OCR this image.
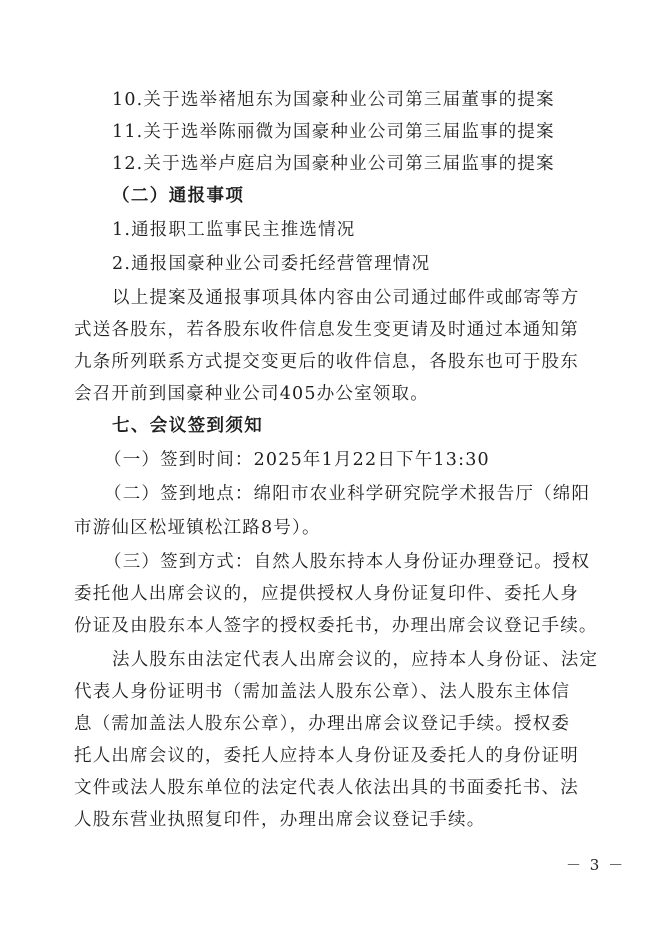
10.关于选举褚旭东为国豪种业公司第三届董事的提案
11.关于选举陈丽微为国豪种业公司第三届监事的提案
12.关于选举卢庭启为国豪种业公司第三届监事的提案
（二）通报事项
1.通报职工监事民主推选情况
2.通报国豪种业公司委托经营管理情况
以上提案及通报事项具体内容由公司通过邮件或邮寄等方
式送各股东，若各股东收件信息发生变更请及时通过本通知第
九条所列联系方式提交变更后的收件信息，各股东也可于股东
会召开前到国豪种业公司405办公室领取。
七、会议签到须知
（一）签到时间：2025年1月22日下午13:30
（二）签到地点：绵阳市农业科学研究院学术报告厅（绵阳
市游仙区松垭镇松江路8号）。
（三）签到方式：自然人股东持本人身份证办理登记。授权
委托他人出席会议的，应提供授权人身份证复印件、委托人身
份证及由股东本人签字的授权委托书，办理出席会议登记手续。
法人股东由法定代表人出席会议的，应持本人身份证、法定
代表人身份证明书（需加盖法人股东公章）、法人股东主体信
息（需加盖法人股东公章），办理出席会议登记手续。授权委
托人出席会议的，委托人应持本人身份证及委托人的身份证明
文件或法人股东单位的法定代表人依法出具的书面委托书、法
人股东营业执照复印件，办理出席会议登记手续。
－ 3 －
